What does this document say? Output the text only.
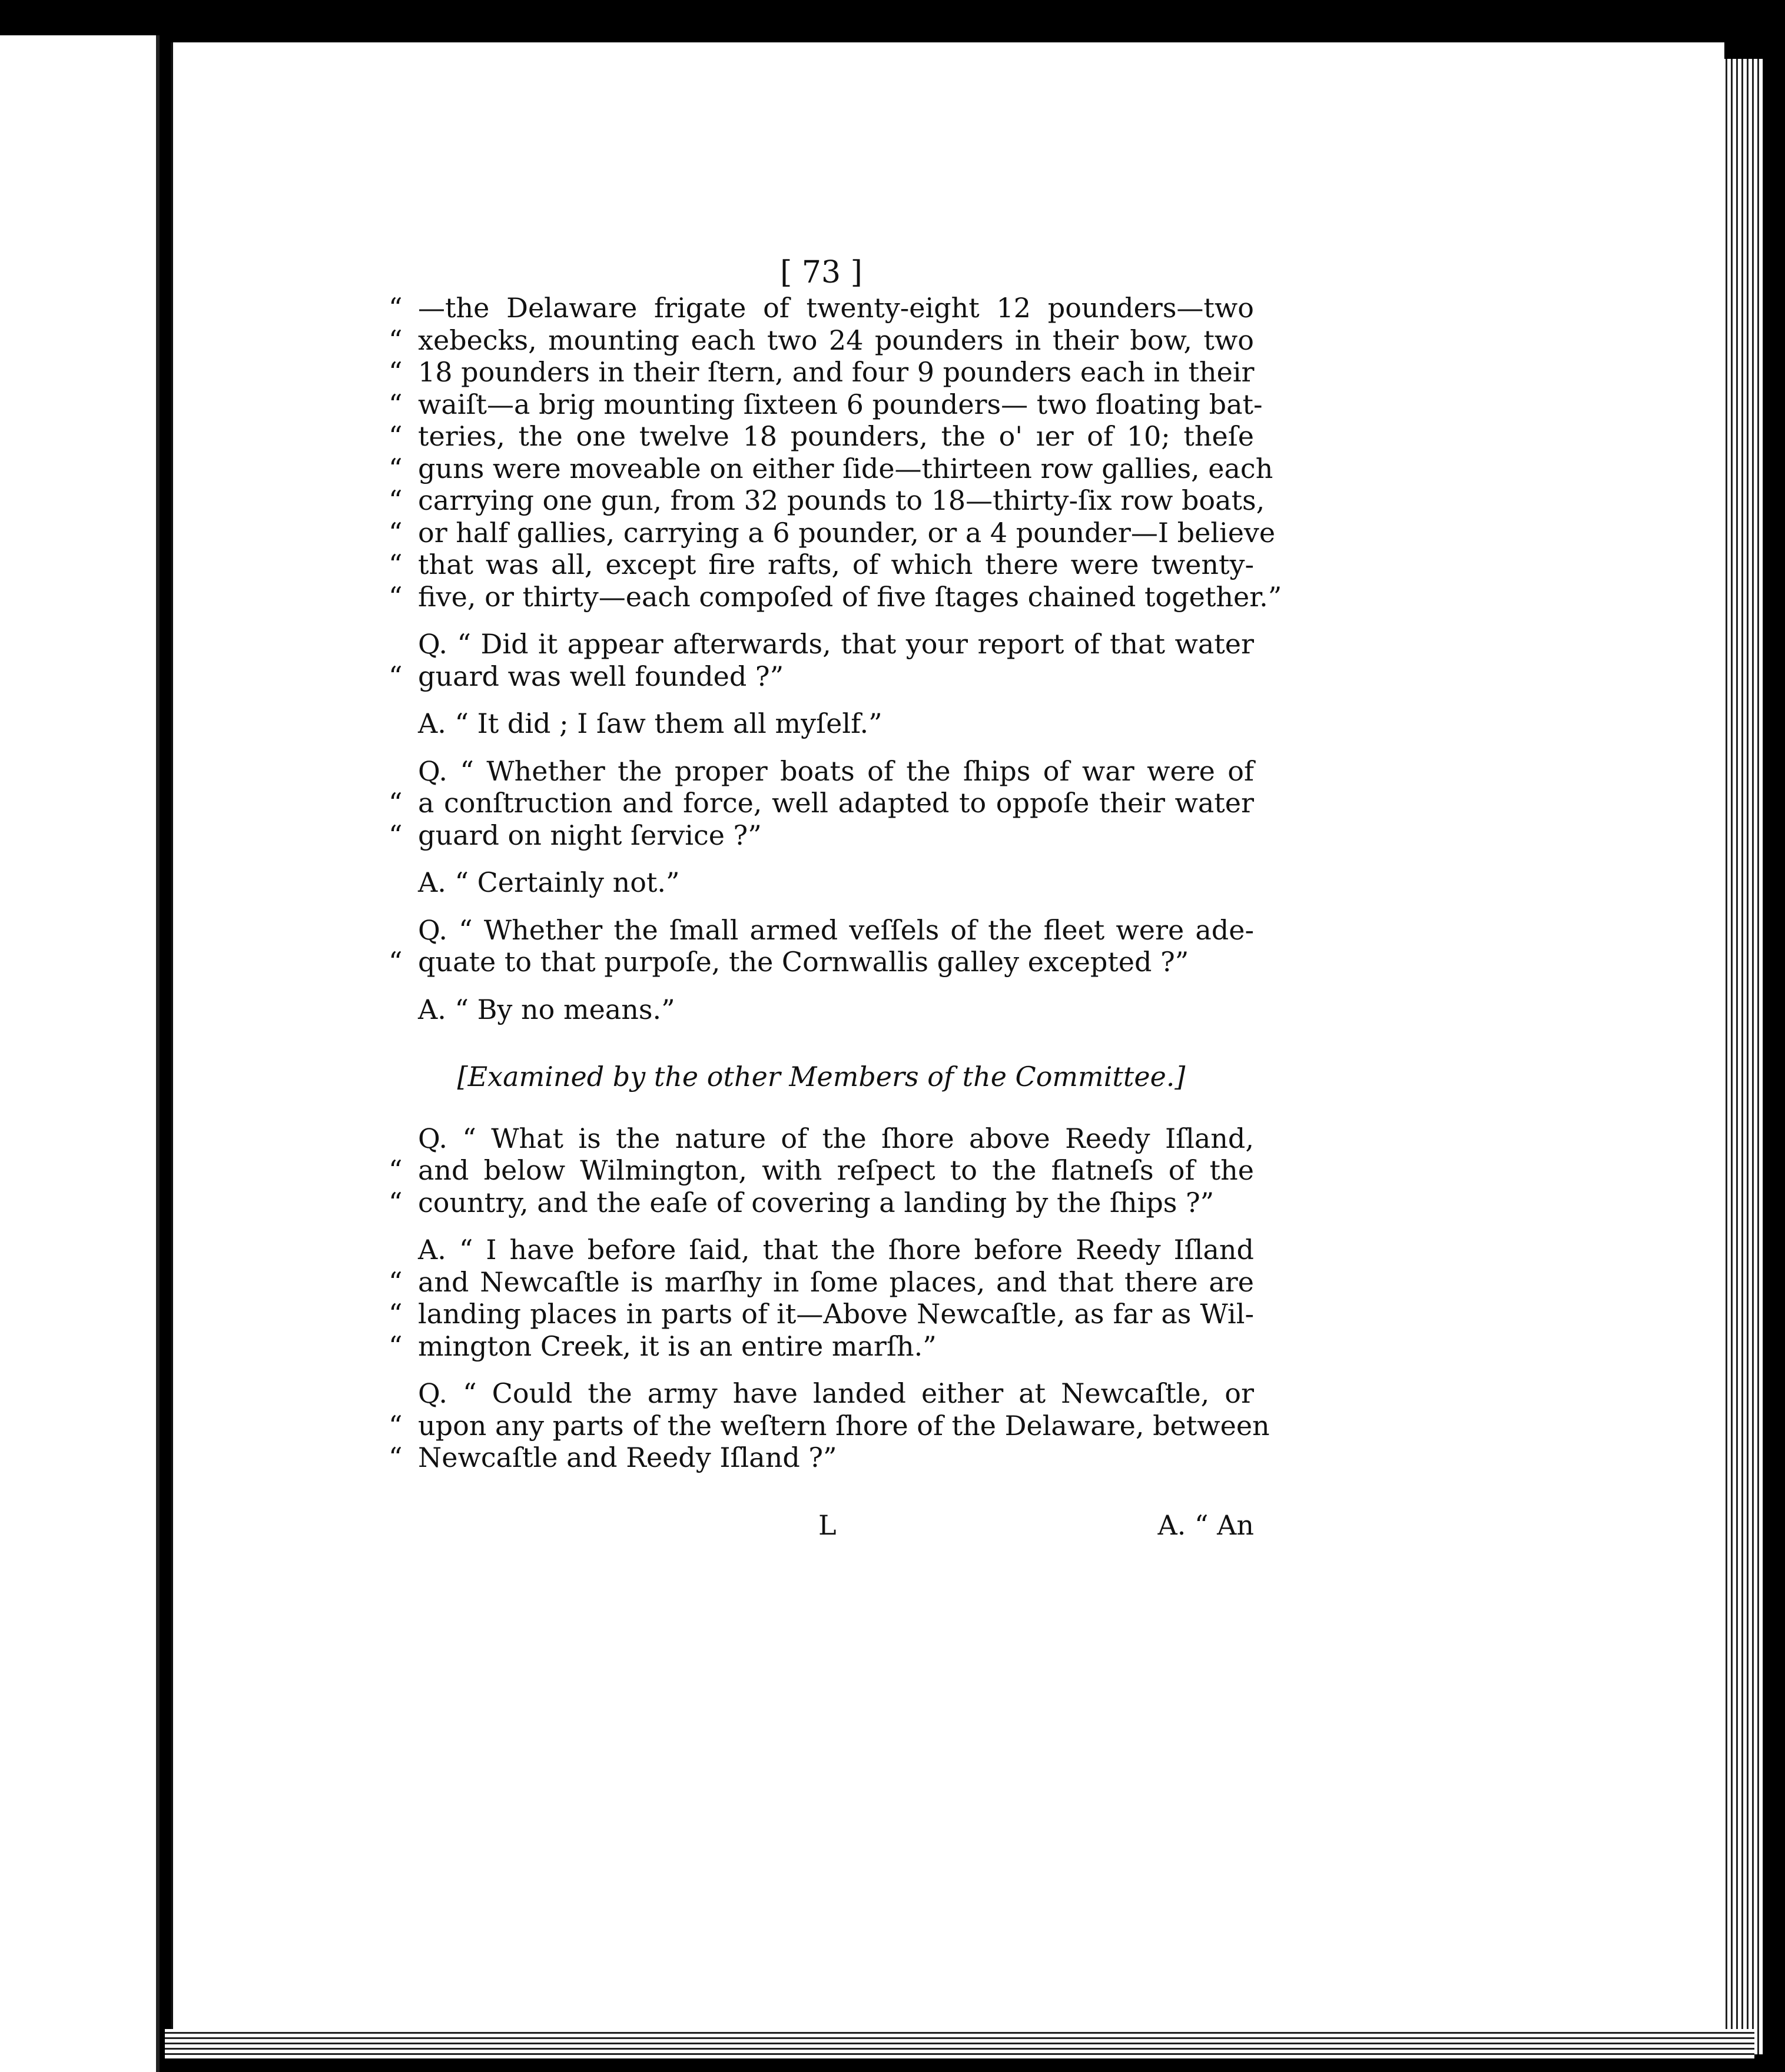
[ 73 ]
“ —the Delaware frigate of twenty-eight 12 pounders—two
“ xebecks, mounting each two 24 pounders in their bow, two
“ 18 pounders in their ſtern, and four 9 pounders each in their
“ waiſt—a brig mounting ſixteen 6 pounders— two floating bat-
“ teries, the one twelve 18 pounders, the o' ıer of 10; theſe
“ guns were moveable on either ſide—thirteen row gallies, each
“ carrying one gun, from 32 pounds to 18—thirty-ſix row boats,
“ or half gallies, carrying a 6 pounder, or a 4 pounder—I believe
“ that was all, except fire rafts, of which there were twenty-
“ five, or thirty—each compoſed of five ſtages chained together.”
Q. “ Did it appear afterwards, that your report of that water
“ guard was well founded ?”
A. “ It did ; I ſaw them all myſelf.”
Q. “ Whether the proper boats of the ſhips of war were of
“ a conſtruction and force, well adapted to oppoſe their water
“ guard on night ſervice ?”
A. “ Certainly not.”
Q. “ Whether the ſmall armed veſſels of the fleet were ade-
“ quate to that purpoſe, the Cornwallis galley excepted ?”
A. “ By no means.”
[Examined by the other Members of the Committee.]
Q. “ What is the nature of the ſhore above Reedy Iſland,
“ and below Wilmington, with reſpect to the flatneſs of the
“ country, and the eaſe of covering a landing by the ſhips ?”
A. “ I have before ſaid, that the ſhore before Reedy Iſland
“ and Newcaſtle is marſhy in ſome places, and that there are
“ landing places in parts of it—Above Newcaſtle, as far as Wil-
“ mington Creek, it is an entire marſh.”
Q. “ Could the army have landed either at Newcaſtle, or
“ upon any parts of the weſtern ſhore of the Delaware, between
“ Newcaſtle and Reedy Iſland ?”
L	A. “ An
